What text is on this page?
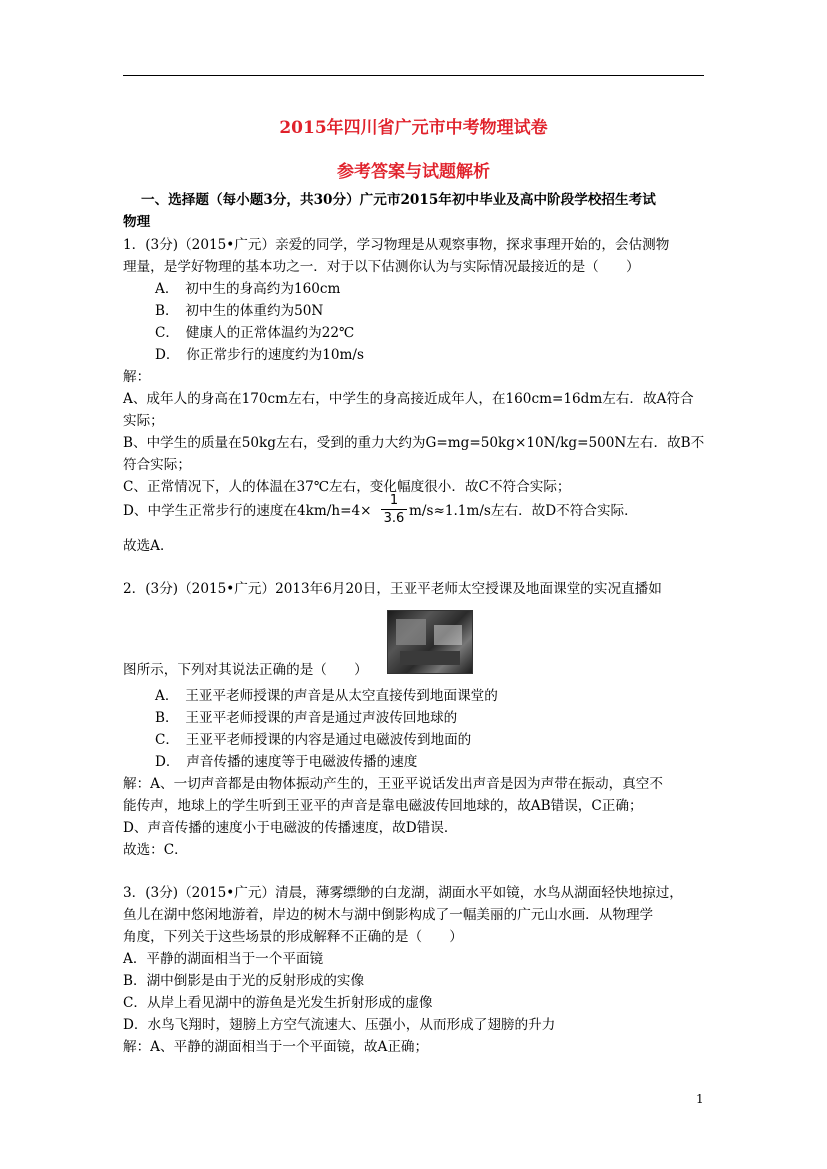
2015年四川省广元市中考物理试卷
参考答案与试题解析
一、选择题（每小题3分，共30分）广元市2015年初中毕业及高中阶段学校招生考试
物理
1．(3分)（2015•广元）亲爱的同学，学习物理是从观察事物，探求事理开始的，会估测物
理量，是学好物理的基本功之一．对于以下估测你认为与实际情况最接近的是（　　）
A．　初中生的身高约为160cm
B．　初中生的体重约为50N
C．　健康人的正常体温约为22℃
D．　你正常步行的速度约为10m/s
解：
A、成年人的身高在170cm左右，中学生的身高接近成年人，在160cm=16dm左右．故A符合
实际；
B、中学生的质量在50kg左右，受到的重力大约为G=mg=50kg×10N/kg=500N左右．故B不
符合实际；
C、正常情况下，人的体温在37℃左右，变化幅度很小．故C不符合实际；
D、中学生正常步行的速度在4km/h=4×
1
3.6 m/s≈1.1m/s左右．故D不符合实际．
故选A．
2．(3分)（2015•广元）2013年6月20日，王亚平老师太空授课及地面课堂的实况直播如
图所示，下列对其说法正确的是（　　）
A．　王亚平老师授课的声音是从太空直接传到地面课堂的
B．　王亚平老师授课的声音是通过声波传回地球的
C．　王亚平老师授课的内容是通过电磁波传到地面的
D．　声音传播的速度等于电磁波传播的速度
解：A、一切声音都是由物体振动产生的，王亚平说话发出声音是因为声带在振动，真空不
能传声，地球上的学生听到王亚平的声音是靠电磁波传回地球的，故AB错误，C正确；
D、声音传播的速度小于电磁波的传播速度，故D错误．
故选：C．
3．(3分)（2015•广元）清晨，薄雾缥缈的白龙湖，湖面水平如镜，水鸟从湖面轻快地掠过，
鱼儿在湖中悠闲地游着，岸边的树木与湖中倒影构成了一幅美丽的广元山水画．从物理学
角度，下列关于这些场景的形成解释不正确的是（　　）
A．平静的湖面相当于一个平面镜
B．湖中倒影是由于光的反射形成的实像
C．从岸上看见湖中的游鱼是光发生折射形成的虚像
D．水鸟飞翔时，翅膀上方空气流速大、压强小，从而形成了翅膀的升力
解：A、平静的湖面相当于一个平面镜，故A正确；
1
